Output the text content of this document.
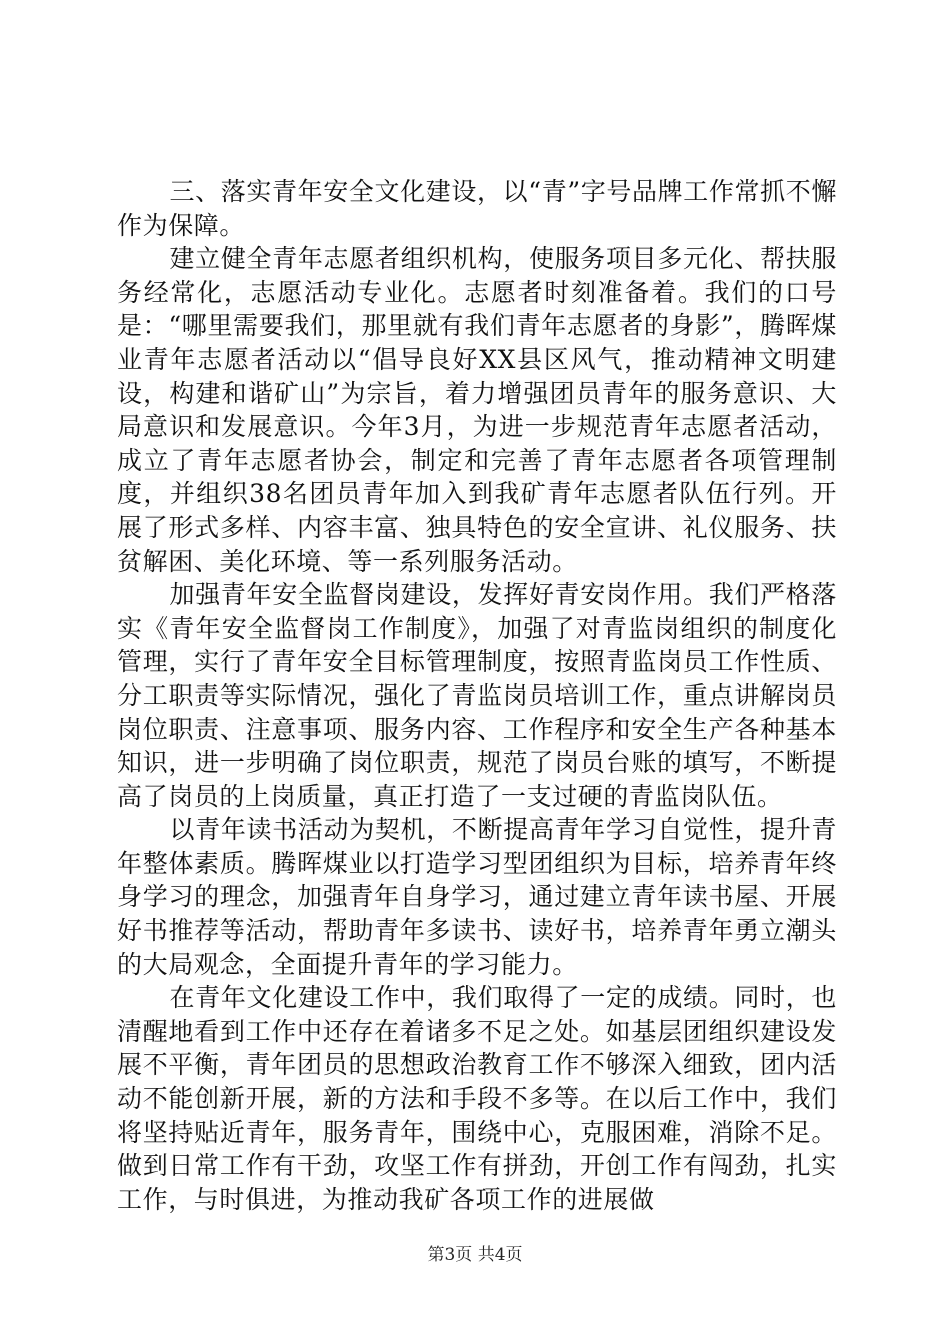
三、落实青年安全文化建设，以“青”字号品牌工作常抓不懈作为保障。

建立健全青年志愿者组织机构，使服务项目多元化、帮扶服务经常化，志愿活动专业化。志愿者时刻准备着。我们的口号是：“哪里需要我们，那里就有我们青年志愿者的身影”，腾晖煤业青年志愿者活动以“倡导良好XX县区风气，推动精神文明建设，构建和谐矿山”为宗旨，着力增强团员青年的服务意识、大局意识和发展意识。今年3月，为进一步规范青年志愿者活动，成立了青年志愿者协会，制定和完善了青年志愿者各项管理制度，并组织38名团员青年加入到我矿青年志愿者队伍行列。开展了形式多样、内容丰富、独具特色的安全宣讲、礼仪服务、扶贫解困、美化环境、等一系列服务活动。

加强青年安全监督岗建设，发挥好青安岗作用。我们严格落实《青年安全监督岗工作制度》，加强了对青监岗组织的制度化管理，实行了青年安全目标管理制度，按照青监岗员工作性质、分工职责等实际情况，强化了青监岗员培训工作，重点讲解岗员岗位职责、注意事项、服务内容、工作程序和安全生产各种基本知识，进一步明确了岗位职责，规范了岗员台账的填写，不断提高了岗员的上岗质量，真正打造了一支过硬的青监岗队伍。

以青年读书活动为契机，不断提高青年学习自觉性，提升青年整体素质。腾晖煤业以打造学习型团组织为目标，培养青年终身学习的理念，加强青年自身学习，通过建立青年读书屋、开展好书推荐等活动，帮助青年多读书、读好书，培养青年勇立潮头的大局观念，全面提升青年的学习能力。

在青年文化建设工作中，我们取得了一定的成绩。同时，也清醒地看到工作中还存在着诸多不足之处。如基层团组织建设发展不平衡，青年团员的思想政治教育工作不够深入细致，团内活动不能创新开展，新的方法和手段不多等。在以后工作中，我们将坚持贴近青年，服务青年，围绕中心，克服困难，消除不足。做到日常工作有干劲，攻坚工作有拼劲，开创工作有闯劲，扎实工作，与时俱进，为推动我矿各项工作的进展做

第3页 共4页
